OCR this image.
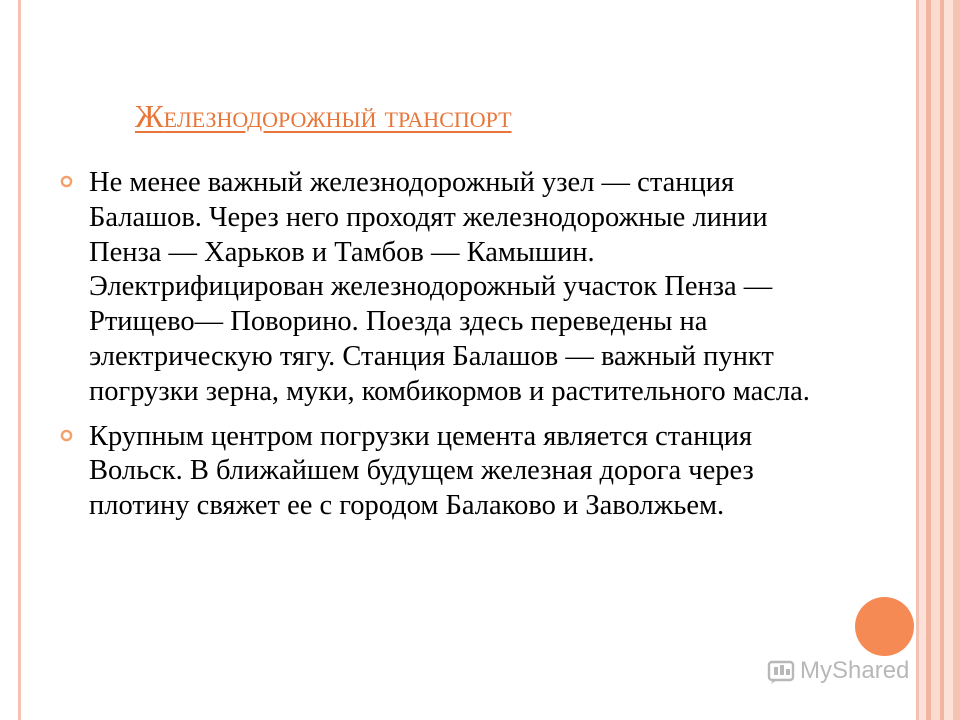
Железнодорожный транспорт
Не менее важный железнодорожный узел — станция Балашов. Через него проходят железнодорожные линии Пенза — Харьков и Тамбов — Камышин. Электрифицирован железнодорожный участок Пенза — Ртищево— Поворино. Поезда здесь переведены на электрическую тягу. Станция Балашов — важный пункт погрузки зерна, муки, комбикормов и растительного масла.
Крупным центром погрузки цемента является станция Вольск. В ближайшем будущем железная дорога через плотину свяжет ее с городом Балаково и Заволжьем.
MyShared
